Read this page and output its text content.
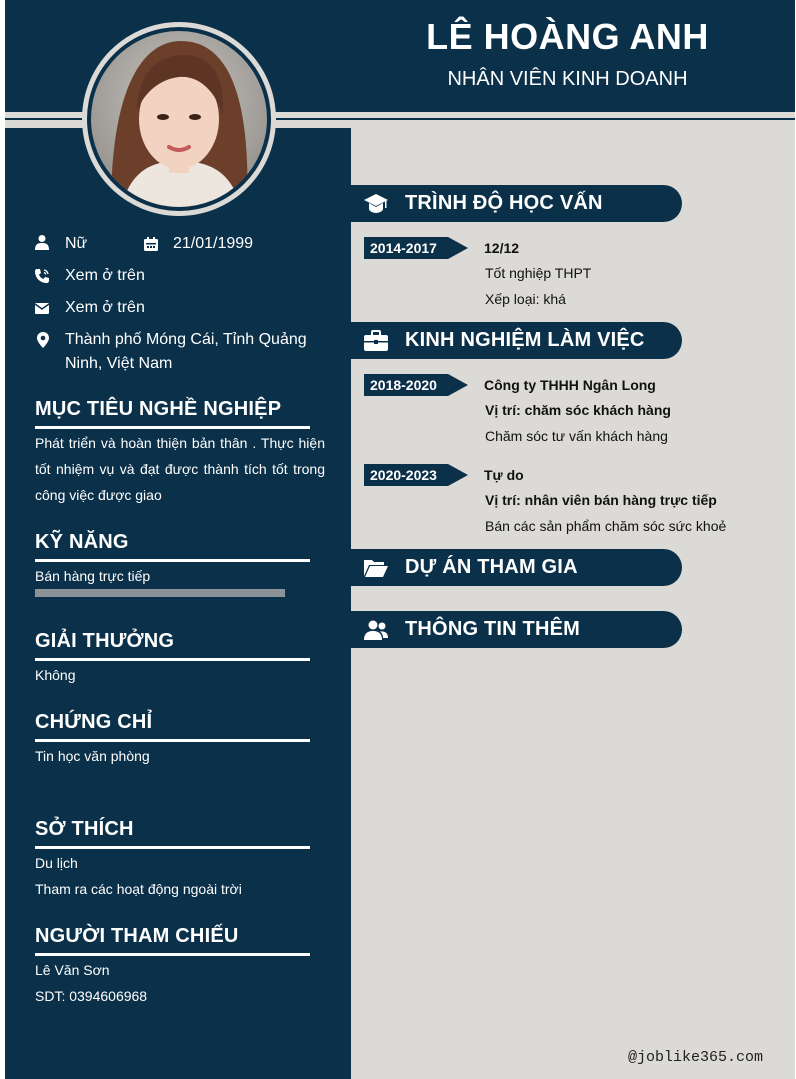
LÊ HOÀNG ANH
NHÂN VIÊN KINH DOANH
Nữ	21/01/1999
Xem ở trên
Xem ở trên
Thành phố Móng Cái, Tỉnh Quảng Ninh, Việt Nam
MỤC TIÊU NGHỀ NGHIỆP
Phát triển và hoàn thiện bản thân . Thực hiện tốt nhiệm vụ và đạt được thành tích tốt trong công việc được giao
KỸ NĂNG
Bán hàng trực tiếp
GIẢI THƯỞNG
Không
CHỨNG CHỈ
Tin học văn phòng
SỞ THÍCH
Du lịch
Tham ra các hoạt động ngoài trời
NGƯỜI THAM CHIẾU
Lê Văn Sơn
SDT: 0394606968
TRÌNH ĐỘ HỌC VẤN
2014-2017	12/12
Tốt nghiệp THPT
Xếp loại: khá
KINH NGHIỆM LÀM VIỆC
2018-2020	Công ty THHH Ngân Long
Vị trí: chăm sóc khách hàng
Chăm sóc tư vấn khách hàng
2020-2023	Tự do
Vị trí: nhân viên bán hàng trực tiếp
Bán các sản phẩm chăm sóc sức khoẻ
DỰ ÁN THAM GIA
THÔNG TIN THÊM
@joblike365.com
